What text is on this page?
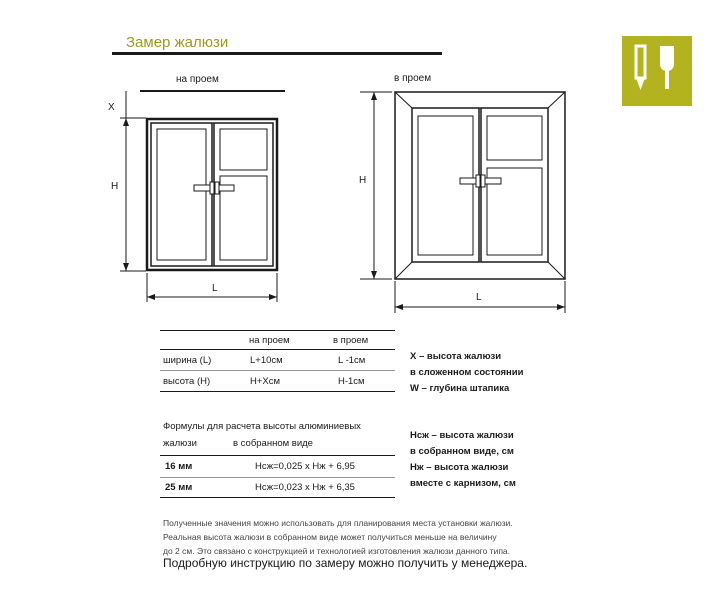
Замер жалюзи
на проем
X
H
L
в проем
H
L
на проем	в проем
ширина (L)	L+10см	L -1см
высота (H)	H+Xсм	H-1см
X – высота жалюзи
в сложенном состоянии
W – глубина штапика
Формулы для расчета высоты алюминиевых
жалюзи	в собранном виде
16 мм	Нсж=0,025 x Нж + 6,95
25 мм	Нсж=0,023 x Нж + 6,35
Нсж – высота жалюзи
в собранном виде, см
Нж – высота жалюзи
вместе с карнизом, см
Полученные значения можно использовать для планирования места установки жалюзи.
Реальная высота жалюзи в собранном виде может получиться меньше на величину
до 2 см. Это связано с конструкцией и технологией изготовления жалюзи данного типа.
Подробную инструкцию по замеру можно получить у менеджера.
